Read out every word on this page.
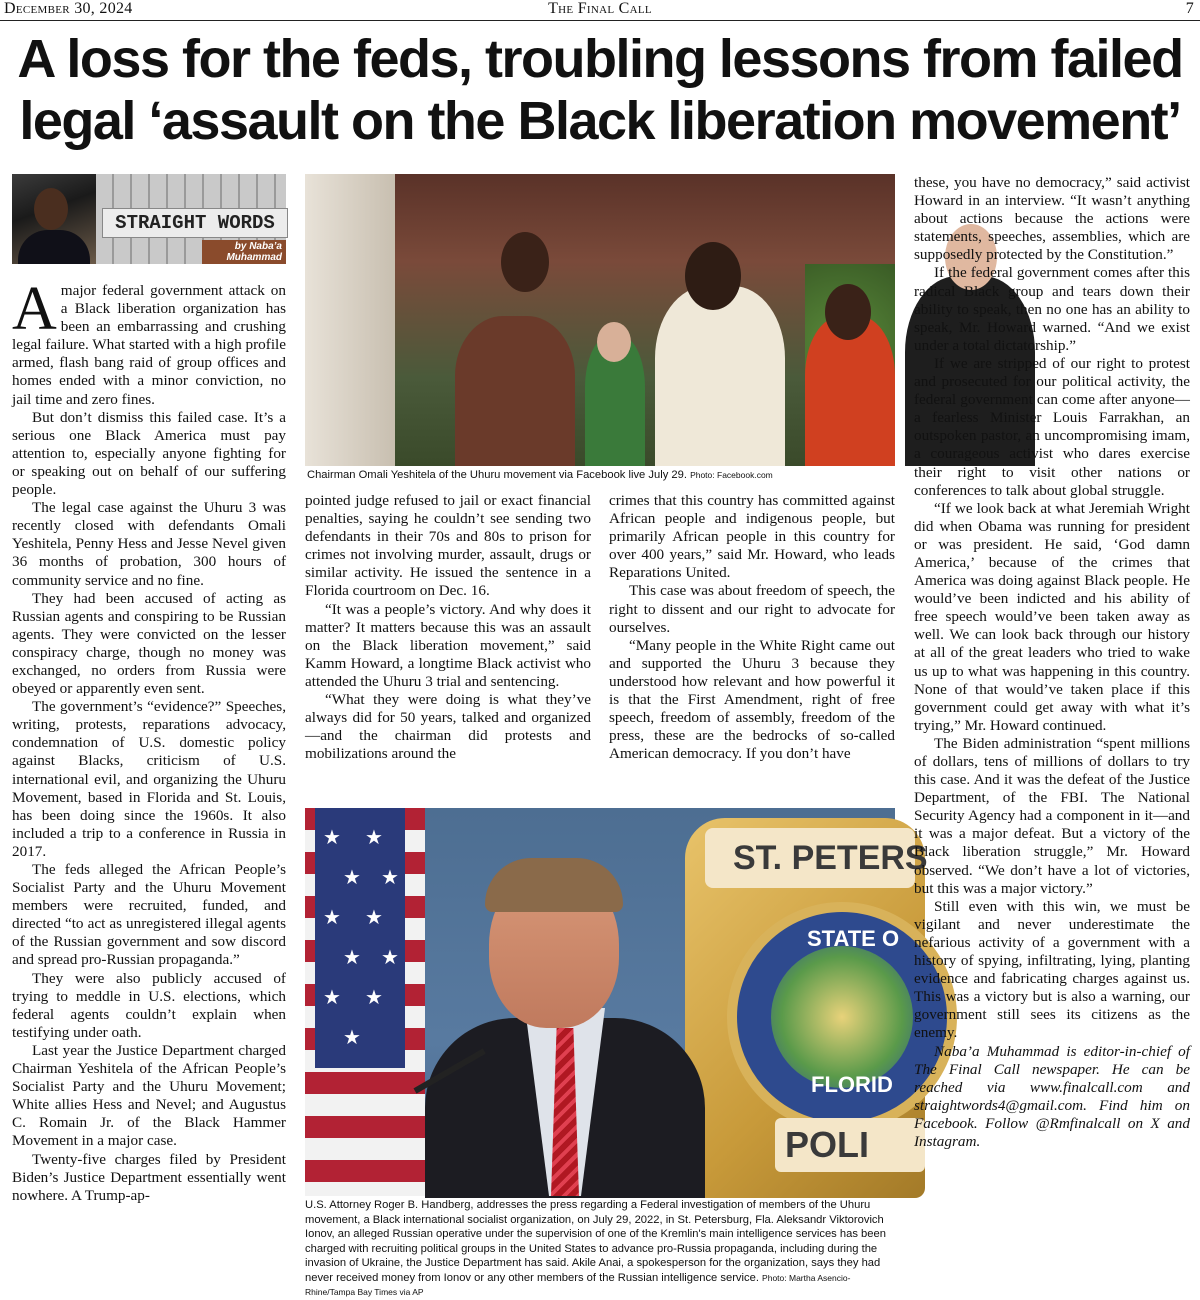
December 30, 2024	The Final Call	7
A loss for the feds, troubling lessons from failed
legal ‘assault on the Black liberation movement’
STRAIGHT WORDS
by Naba’a
Muhammad

Amajor federal government attack on a Black liberation organization has been an embarrassing and crushing legal failure. What started with a high profile armed, flash bang raid of group offices and homes ended with a minor conviction, no jail time and zero fines.

But don’t dismiss this failed case. It’s a serious one Black America must pay attention to, especially anyone fighting for or speaking out on behalf of our suffering people.

The legal case against the Uhuru 3 was recently closed with defendants Omali Yeshitela, Penny Hess and Jesse Nevel given 36 months of probation, 300 hours of community service and no fine.

They had been accused of acting as Russian agents and conspiring to be Russian agents. They were convicted on the lesser conspiracy charge, though no money was exchanged, no orders from Russia were obeyed or apparently even sent.

The government’s “evidence?” Speeches, writing, protests, reparations advocacy, condemnation of U.S. domestic policy against Blacks, criticism of U.S. international evil, and organizing the Uhuru Movement, based in Florida and St. Louis, has been doing since the 1960s. It also included a trip to a conference in Russia in 2017.

The feds alleged the African People’s Socialist Party and the Uhuru Movement members were recruited, funded, and directed “to act as unregistered illegal agents of the Russian government and sow discord and spread pro-Russian propaganda.”

They were also publicly accused of trying to meddle in U.S. elections, which federal agents couldn’t explain when testifying under oath.

Last year the Justice Department charged Chairman Yeshitela of the African People’s Socialist Party and the Uhuru Movement; White allies Hess and Nevel; and Augustus C. Romain Jr. of the Black Hammer Movement in a major case.

Twenty-five charges filed by President Biden’s Justice Department essentially went nowhere. A Trump-ap-

Chairman Omali Yeshitela of the Uhuru movement via Facebook live July 29. Photo: Facebook.com

pointed judge refused to jail or exact financial penalties, saying he couldn’t see sending two defendants in their 70s and 80s to prison for crimes not involving murder, assault, drugs or similar activity. He issued the sentence in a Florida courtroom on Dec. 16.

“It was a people’s victory. And why does it matter? It matters because this was an assault on the Black liberation movement,” said Kamm Howard, a longtime Black activist who attended the Uhuru 3 trial and sentencing.

“What they were doing is what they’ve always did for 50 years, talked and organized—and the chairman did protests and mobilizations around the

crimes that this country has committed against African people and indigenous people, but primarily African people in this country for over 400 years,” said Mr. Howard, who leads Reparations United.

This case was about freedom of speech, the right to dissent and our right to advocate for ourselves.

“Many people in the White Right came out and supported the Uhuru 3 because they understood how relevant and how powerful it is that the First Amendment, right of free speech, freedom of assembly, freedom of the press, these are the bedrocks of so-called American democracy. If you don’t have

★ ★
★ ★
★ ★
★ ★
★ ★
★
ST. PETERS
STATE O
FLORID
POLI
U.S. Attorney Roger B. Handberg, addresses the press regarding a Federal investigation of members of the Uhuru movement, a Black international socialist organization, on July 29, 2022, in St. Petersburg, Fla. Aleksandr Viktorovich Ionov, an alleged Russian operative under the supervision of one of the Kremlin's main intelligence services has been charged with recruiting political groups in the United States to advance pro-Russia propaganda, including during the invasion of Ukraine, the Justice Department has said. Akile Anai, a spokesperson for the organization, says they had never received money from Ionov or any other members of the Russian intelligence service. Photo: Martha Asencio-Rhine/Tampa Bay Times via AP

these, you have no democracy,” said activist Howard in an interview. “It wasn’t anything about actions because the actions were statements, speeches, assemblies, which are supposedly protected by the Constitution.”

If the federal government comes after this radical Black group and tears down their ability to speak, then no one has an ability to speak, Mr. Howard warned. “And we exist under a total dictatorship.”

If we are stripped of our right to protest and prosecuted for our political activity, the federal government can come after anyone—a fearless Minister Louis Farrakhan, an outspoken pastor, an uncompromising imam, a courageous activist who dares exercise their right to visit other nations or conferences to talk about global struggle.

“If we look back at what Jeremiah Wright did when Obama was running for president or was president. He said, ‘God damn America,’ because of the crimes that America was doing against Black people. He would’ve been indicted and his ability of free speech would’ve been taken away as well. We can look back through our history at all of the great leaders who tried to wake us up to what was happening in this country. None of that would’ve taken place if this government could get away with what it’s trying,” Mr. Howard continued.

The Biden administration “spent millions of dollars, tens of millions of dollars to try this case. And it was the defeat of the Justice Department, of the FBI. The National Security Agency had a component in it—and it was a major defeat. But a victory of the Black liberation struggle,” Mr. Howard observed. “We don’t have a lot of victories, but this was a major victory.”

Still even with this win, we must be vigilant and never underestimate the nefarious activity of a government with a history of spying, infiltrating, lying, planting evidence and fabricating charges against us. This was a victory but is also a warning, our government still sees its citizens as the enemy.

Naba’a Muhammad is editor-in-chief of The Final Call newspaper. He can be reached via www.finalcall.com and straightwords4@gmail.com. Find him on Facebook. Follow @Rmfinalcall on X and Instagram.
